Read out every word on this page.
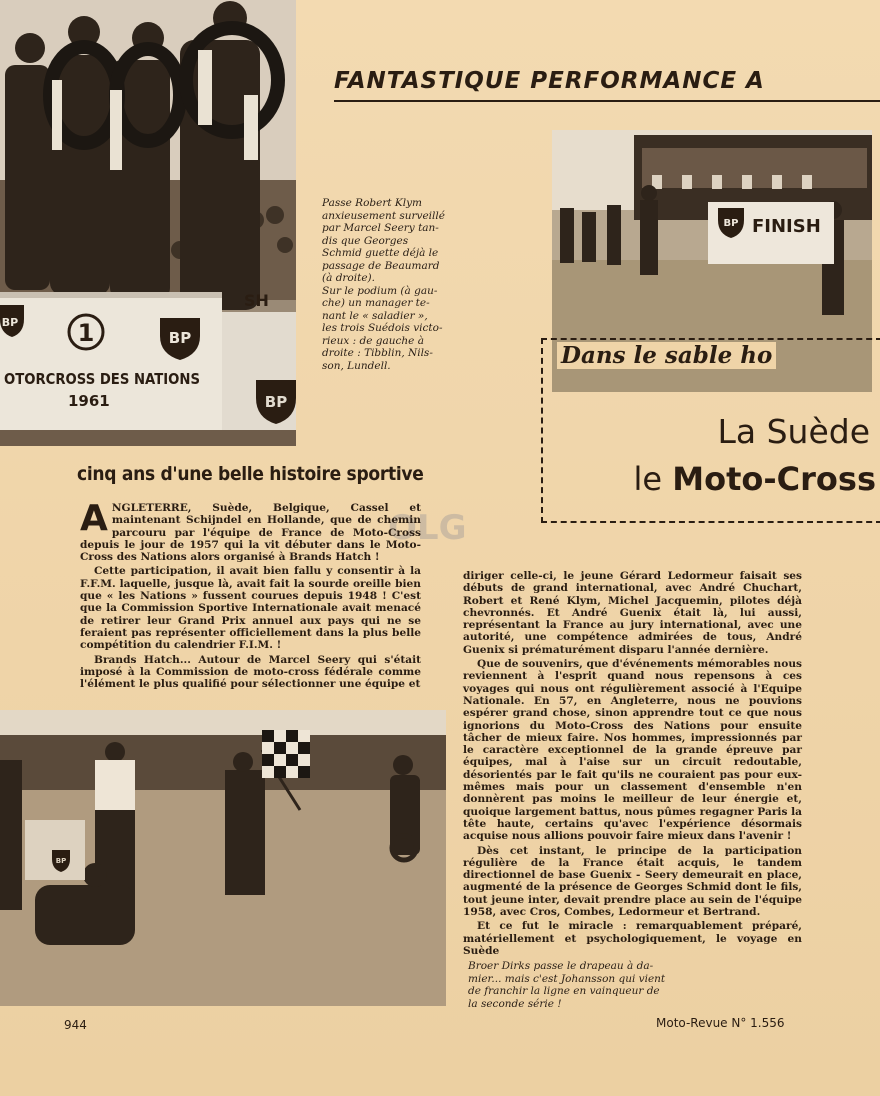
1	BP
BP
BP
OTORCROSS DES NATIONS
1961
SH
FANTASTIQUE PERFORMANCE A
Passe Robert Klym
anxieusement surveillé
par Marcel Seery tan-
dis que Georges
Schmid guette déjà le
passage de Beaumard
(à droite).
Sur le podium (à gau-
che) un manager te-
nant le « saladier »,
les trois Suédois victo-
rieux : de gauche à
droite : Tibblin, Nils-
son, Lundell.
BP FINISH
Dans le sable ho
La Suède
le Moto-Cross
cinq ans d'une belle histoire sportive
OLG

ANGLETERRE, Suède, Belgique, Cassel et maintenant Schijndel en Hollande, que de chemin parcouru par l'équipe de France de Moto-Cross depuis le jour de 1957 qui la vit débuter dans le Moto-Cross des Nations alors organisé à Brands Hatch !

Cette participation, il avait bien fallu y consentir à la F.F.M. laquelle, jusque là, avait fait la sourde oreille bien que « les Nations » fussent courues depuis 1948 ! C'est que la Commission Sportive Internationale avait menacé de retirer leur Grand Prix annuel aux pays qui ne se feraient pas représenter officiellement dans la plus belle compétition du calendrier F.I.M. !

Brands Hatch... Autour de Marcel Seery qui s'était imposé à la Commission de moto-cross fédérale comme l'élément le plus qualifié pour sélectionner une équipe et

diriger celle-ci, le jeune Gérard Ledormeur faisait ses débuts de grand international, avec André Chuchart, Robert et René Klym, Michel Jacquemin, pilotes déjà chevronnés. Et André Guenix était là, lui aussi, représentant la France au jury international, avec une autorité, une compétence admirées de tous, André Guenix si prématurément disparu l'année dernière.

Que de souvenirs, que d'événements mémorables nous reviennent à l'esprit quand nous repensons à ces voyages qui nous ont régulièrement associé à l'Equipe Nationale. En 57, en Angleterre, nous ne pouvions espérer grand chose, sinon apprendre tout ce que nous ignorions du Moto-Cross des Nations pour ensuite tâcher de mieux faire. Nos hommes, impressionnés par le caractère exceptionnel de la grande épreuve par équipes, mal à l'aise sur un circuit redoutable, désorientés par le fait qu'ils ne couraient pas pour eux-mêmes mais pour un classement d'ensemble n'en donnèrent pas moins le meilleur de leur énergie et, quoique largement battus, nous pûmes regagner Paris la tête haute, certains qu'avec l'expérience désormais acquise nous allions pouvoir faire mieux dans l'avenir !

Dès cet instant, le principe de la participation régulière de la France était acquis, le tandem directionnel de base Guenix - Seery demeurait en place, augmenté de la présence de Georges Schmid dont le fils, tout jeune inter, devait prendre place au sein de l'équipe 1958, avec Cros, Combes, Ledormeur et Bertrand.

Et ce fut le miracle : remarquablement préparé, matériellement et psychologiquement, le voyage en Suède

BP
Broer Dirks passe le drapeau à da-
mier... mais c'est Johansson qui vient
de franchir la ligne en vainqueur de
la seconde série !
944	Moto-Revue N° 1.556
